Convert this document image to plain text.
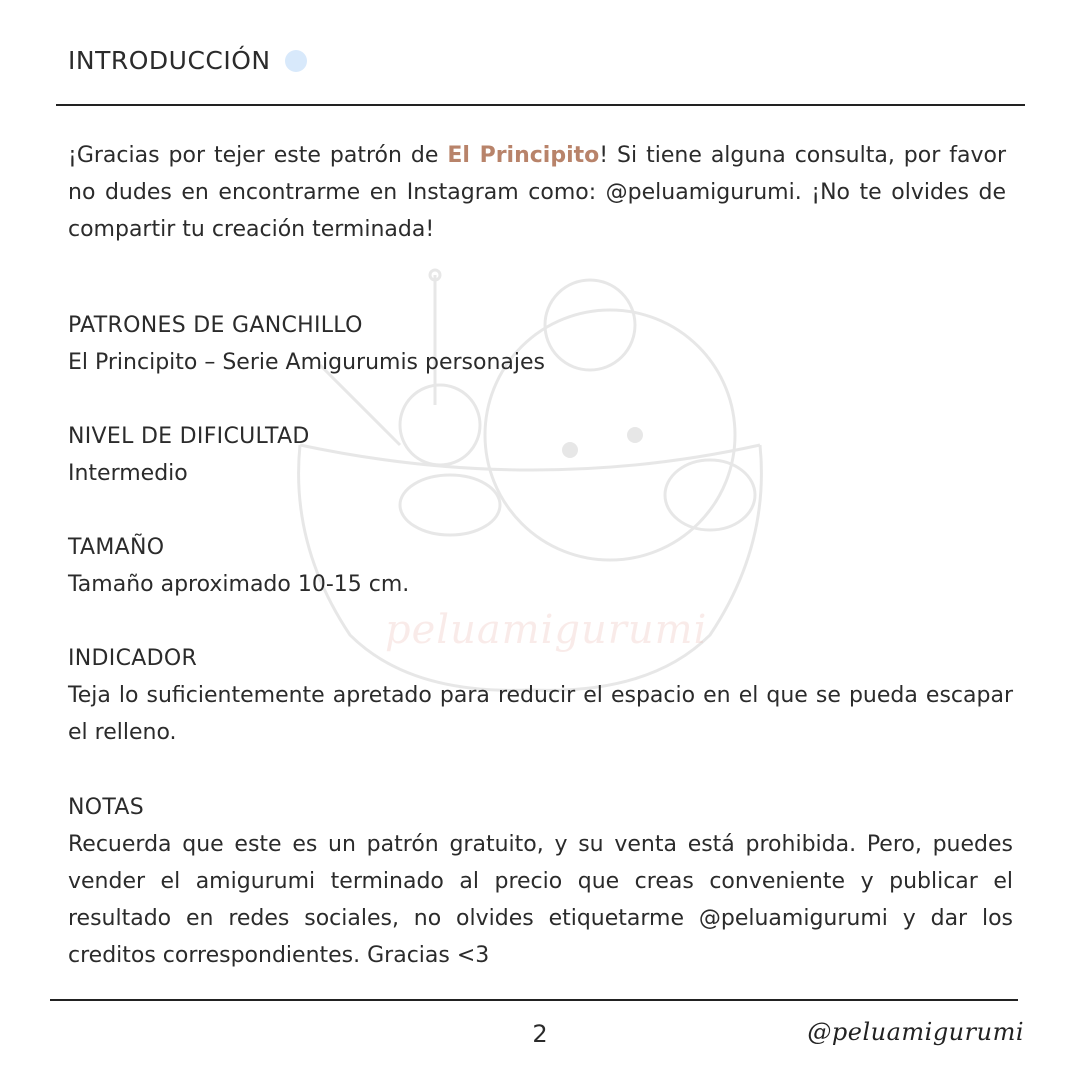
peluamigurumi
INTRODUCCIÓN

¡Gracias por tejer este patrón de El Principito! Si tiene alguna consulta, por favor no dudes en encontrarme en Instagram como: @peluamigurumi. ¡No te olvides de compartir tu creación terminada!

PATRONES DE GANCHILLO

El Principito – Serie Amigurumis personajes

NIVEL DE DIFICULTAD

Intermedio

TAMAÑO

Tamaño aproximado 10-15 cm.

INDICADOR

Teja lo suficientemente apretado para reducir el espacio en el que se pueda escapar el relleno.

NOTAS

Recuerda que este es un patrón gratuito, y su venta está prohibida. Pero, puedes vender el amigurumi terminado al precio que creas conveniente y publicar el resultado en redes sociales, no olvides etiquetarme @peluamigurumi y dar los creditos correspondientes. Gracias <3

2	@peluamigurumi
